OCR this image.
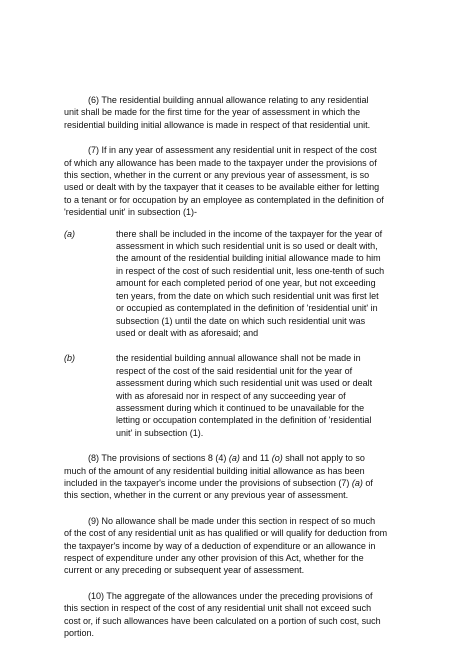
(6) The residential building annual allowance relating to any residential
unit shall be made for the first time for the year of assessment in which the
residential building initial allowance is made in respect of that residential unit.

(7) If in any year of assessment any residential unit in respect of the cost
of which any allowance has been made to the taxpayer under the provisions of
this section, whether in the current or any previous year of assessment, is so
used or dealt with by the taxpayer that it ceases to be available either for letting
to a tenant or for occupation by an employee as contemplated in the definition of
'residential unit' in subsection (1)-

(a)	there shall be included in the income of the taxpayer for the year of
assessment in which such residential unit is so used or dealt with,
the amount of the residential building initial allowance made to him
in respect of the cost of such residential unit, less one-tenth of such
amount for each completed period of one year, but not exceeding
ten years, from the date on which such residential unit was first let
or occupied as contemplated in the definition of 'residential unit' in
subsection (1) until the date on which such residential unit was
used or dealt with as aforesaid; and
(b)	the residential building annual allowance shall not be made in
respect of the cost of the said residential unit for the year of
assessment during which such residential unit was used or dealt
with as aforesaid nor in respect of any succeeding year of
assessment during which it continued to be unavailable for the
letting or occupation contemplated in the definition of 'residential
unit' in subsection (1).

(8) The provisions of sections 8 (4) (a) and 11 (o) shall not apply to so
much of the amount of any residential building initial allowance as has been
included in the taxpayer's income under the provisions of subsection (7) (a) of
this section, whether in the current or any previous year of assessment.

(9) No allowance shall be made under this section in respect of so much
of the cost of any residential unit as has qualified or will qualify for deduction from
the taxpayer's income by way of a deduction of expenditure or an allowance in
respect of expenditure under any other provision of this Act, whether for the
current or any preceding or subsequent year of assessment.

(10) The aggregate of the allowances under the preceding provisions of
this section in respect of the cost of any residential unit shall not exceed such
cost or, if such allowances have been calculated on a portion of such cost, such
portion.
